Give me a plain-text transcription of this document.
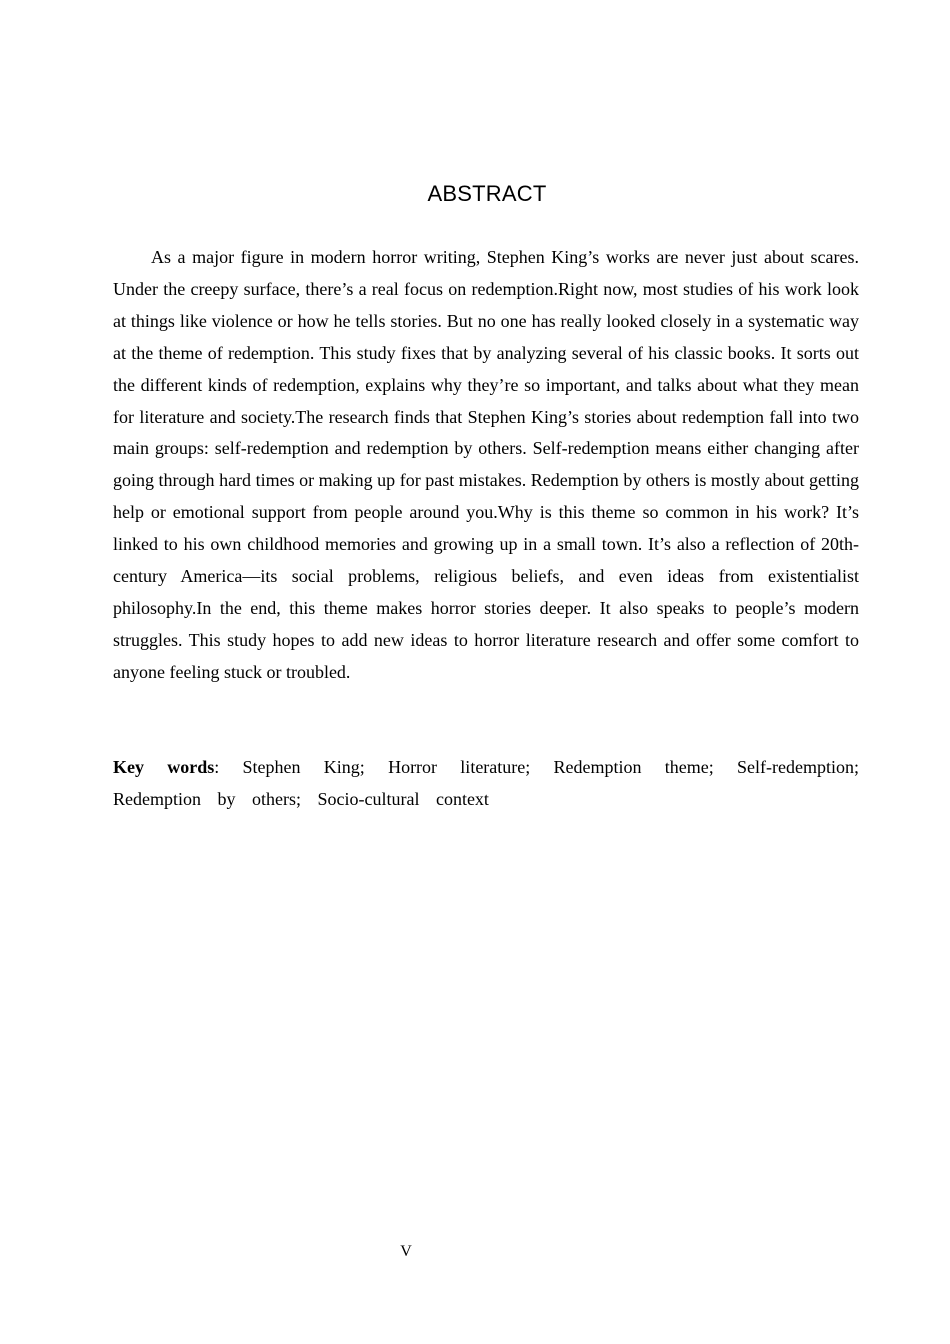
ABSTRACT

As a major figure in modern horror writing, Stephen King’s works are never just about scares. Under the creepy surface, there’s a real focus on redemption.Right now, most studies of his work look at things like violence or how he tells stories. But no one has really looked closely in a systematic way at the theme of redemption. This study fixes that by analyzing several of his classic books. It sorts out the different kinds of redemption, explains why they’re so important, and talks about what they mean for literature and society.The research finds that Stephen King’s stories about redemption fall into two main groups: self-redemption and redemption by others. Self-redemption means either changing after going through hard times or making up for past mistakes. Redemption by others is mostly about getting help or emotional support from people around you.Why is this theme so common in his work? It’s linked to his own childhood memories and growing up in a small town. It’s also a reflection of 20th-century America—its social problems, religious beliefs, and even ideas from existentialist philosophy.In the end, this theme makes horror stories deeper. It also speaks to people’s modern struggles. This study hopes to add new ideas to horror literature research and offer some comfort to anyone feeling stuck or troubled.

Key words: Stephen King; Horror literature; Redemption theme; Self-redemption; Redemption by others; Socio-cultural context

V
